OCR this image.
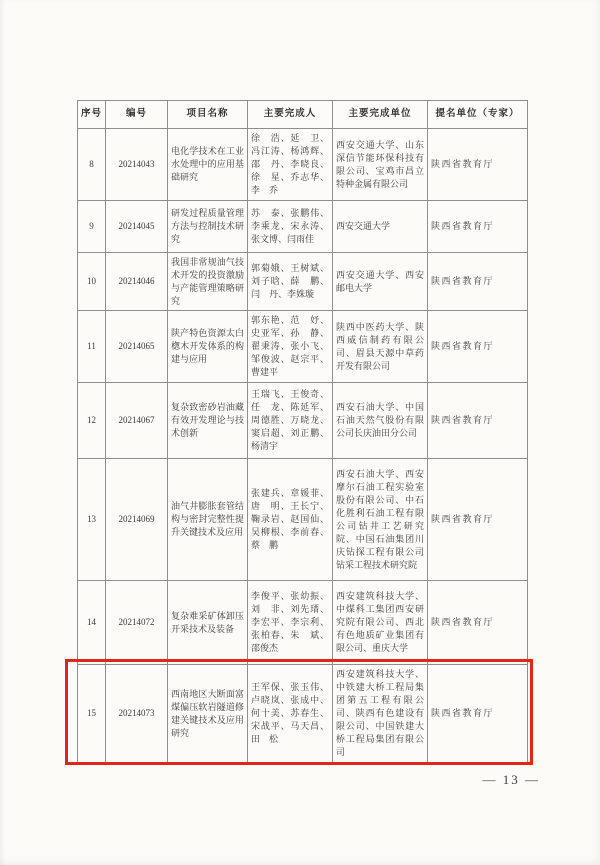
序号	编号	项目名称	主要完成人	主要完成单位	提名单位（专家）
8	20214043	电化学技术在工业水处理中的应用基础研究	徐　浩、延　卫、冯江涛、杨鸿辉、邵　丹、李晓良、徐　星、乔志华、李　乔	西安交通大学、山东深信节能环保科技有限公司、宝鸡市昌立特种金属有限公司	陕西省教育厅
9	20214045	研发过程质量管理方法与控制技术研究	苏　泰、张鹏伟、李乘龙、宋永涛、张文博、闫雨佳	西安交通大学	陕西省教育厅
10	20214046	我国非常规油气技术开发的投资激励与产能管理策略研究	郭菊娥、王树斌、刘子晗、薛　鹏、闫　丹、李姝璇	西安交通大学、西安邮电大学	陕西省教育厅
11	20214065	陕产特色资源太白楤木开发体系的构建与应用	郭东艳、范　妤、史亚军、孙　静、翟秉涛、张小飞、邹俊波、赵宗平、曹建平	陕西中医药大学、陕西威信制药有限公司、眉县天源中草药开发有限公司	陕西省教育厅
12	20214067	复杂致密砂岩油藏有效开发理论与技术创新	王瑞飞、王俊奇、任　龙、陈延军、周德胜、万晓龙、窦启超、刘正鹏、杨清宇	西安石油大学、中国石油天然气股份有限公司长庆油田分公司	陕西省教育厅
13	20214069	油气井膨胀套管结构与密封完整性提升关键技术及应用	张建兵、章媛菲、唐　明、王长宁、鞠录岩、赵国仙、吴柳根、李前春、蔡　鹏	西安石油大学、西安摩尔石油工程实验室股份有限公司、中石化胜利石油工程有限公司钻井工艺研究院、中国石油集团川庆钻探工程有限公司钻采工程技术研究院	陕西省教育厅
14	20214072	复杂难采矿体卸压开采技术及装备	李俊平、张幼振、刘　非、刘先瑨、李宏平、李宗利、张柏春、朱　斌、邵俊杰	西安建筑科技大学、中煤科工集团西安研究院有限公司、西北有色地质矿业集团有限公司、重庆大学	陕西省教育厅
15	20214073	西南地区大断面富煤偏压软岩隧道修建关键技术及应用研究	王军保、张玉伟、卢晓岚、张成中、何十美、苏春生、宋战平、马天昌、田　松	西安建筑科技大学、中铁建大桥工程局集团第五工程有限公司、陕西有色建设有限公司、中国铁建大桥工程局集团有限公司	陕西省教育厅
— 13 —
